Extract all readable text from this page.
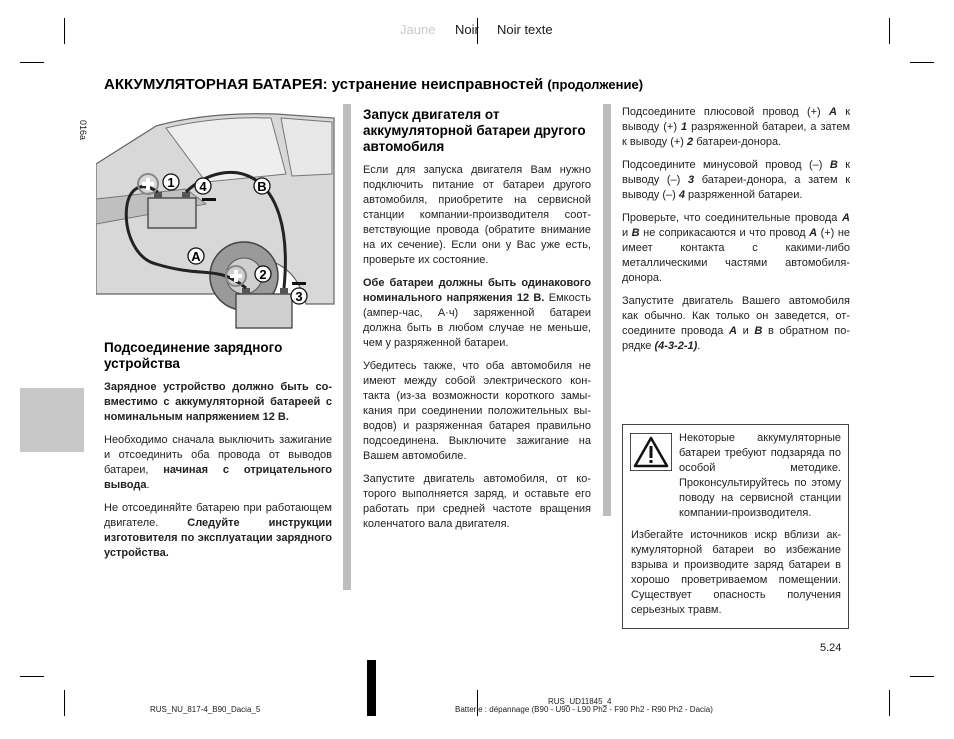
Jaune Noir Noir texte
АККУМУЛЯТОРНАЯ БАТАРЕЯ: устранение неисправностей (продолжение)
1 4	B
A
2
3
016a
Подсоединение зарядного устройства

Зарядное устройство должно быть совместимо с аккумуляторной батареей с номинальным напряжением 12 В.

Необходимо сначала выключить зажигание и отсоединить оба провода от выводов батареи, начиная с отрицательного вывода.

Не отсоединяйте батарею при работающем двигателе.	Следуйте инструкции изготовителя по эксплуатации зарядного устройства.

Запуск двигателя от аккумуляторной батареи другого автомобиля

Если для запуска двигателя Вам нужно подключить питание от батареи другого автомобиля, приобретите на сервисной станции компании-производителя соответствующие провода (обратите внимание на их сечение). Если они у Вас уже есть, проверьте их состояние.

Обе батареи должны быть одинакового номинального напряжения 12 В. Емкость (ампер-час, А·ч) заряженной батареи должна быть в любом случае не меньше, чем у разряженной батареи.

Убедитесь также, что оба автомобиля не имеют между собой электрического контакта (из-за возможности короткого замыкания при соединении положительных выводов) и разряженная батарея правильно подсоединена. Выключите зажигание на Вашем автомобиле.

Запустите двигатель автомобиля, от которого выполняется заряд, и оставьте его работать при средней частоте вращения коленчатого вала двигателя.

Подсоедините плюсовой провод (+) A к выводу (+) 1 разряженной батареи, а затем к выводу (+) 2 батареи-донора.

Подсоедините минусовой провод (–) B к выводу (–) 3 батареи-донора, а затем к выводу (–) 4 разряженной батареи.

Проверьте, что соединительные провода A и B не соприкасаются и что провод A (+) не имеет контакта с какими-либо металлическими частями автомобиля-донора.

Запустите двигатель Вашего автомобиля как обычно. Как только он заведется, отсоедините провода A и B в обратном порядке (4-3-2-1).

Некоторые аккумуляторные батареи требуют подзарядa по особой методике. Проконсультируйтесь по этому поводу на сервисной станции компании-производителя.

Избегайте источников искр вблизи аккумуляторной батареи во избежание взрыва и производите заряд батареи в хорошо проветриваемом помещении. Существует опасность получения серьезных травм.

5.24
RUS_NU_817-4_B90_Dacia_5
RUS_UD11845_4
Batterie : dépannage (B90 - U90 - L90 Ph2 - F90 Ph2 - R90 Ph2 - Dacia)
